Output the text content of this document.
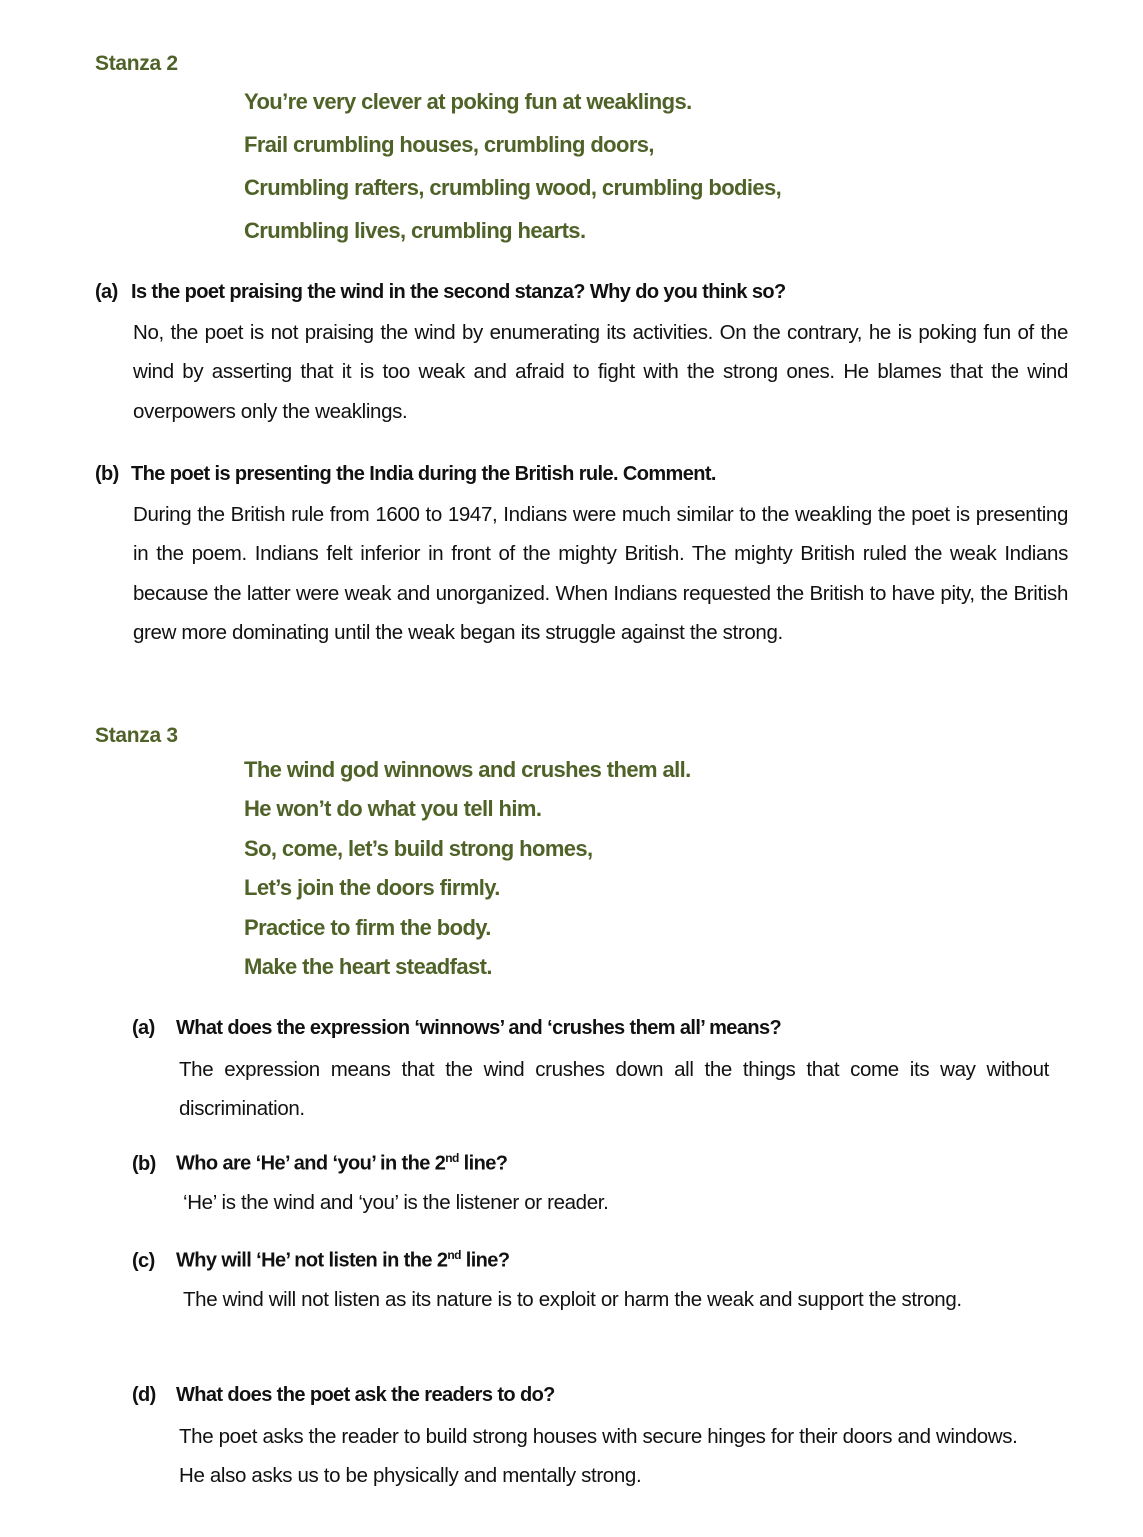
Stanza 2
You’re very clever at poking fun at weaklings.
Frail crumbling houses, crumbling doors,
Crumbling rafters, crumbling wood, crumbling bodies,
Crumbling lives, crumbling hearts.
(a) Is the poet praising the wind in the second stanza? Why do you think so?
No, the poet is not praising the wind by enumerating its activities. On the contrary, he is poking fun of the wind by asserting that it is too weak and afraid to fight with the strong ones. He blames that the wind overpowers only the weaklings.
(b) The poet is presenting the India during the British rule. Comment.
During the British rule from 1600 to 1947, Indians were much similar to the weakling the poet is presenting in the poem. Indians felt inferior in front of the mighty British. The mighty British ruled the weak Indians because the latter were weak and unorganized. When Indians requested the British to have pity, the British grew more dominating until the weak began its struggle against the strong.
Stanza 3
The wind god winnows and crushes them all.
He won’t do what you tell him.
So, come, let’s build strong homes,
Let’s join the doors firmly.
Practice to firm the body.
Make the heart steadfast.
(a) What does the expression ‘winnows’ and ‘crushes them all’ means?
The expression means that the wind crushes down all the things that come its way without discrimination.
(b) Who are ‘He’ and ‘you’ in the 2nd line?
‘He’ is the wind and ‘you’ is the listener or reader.
(c) Why will ‘He’ not listen in the 2nd line?
The wind will not listen as its nature is to exploit or harm the weak and support the strong.
(d) What does the poet ask the readers to do?
The poet asks the reader to build strong houses with secure hinges for their doors and windows. He also asks us to be physically and mentally strong.
